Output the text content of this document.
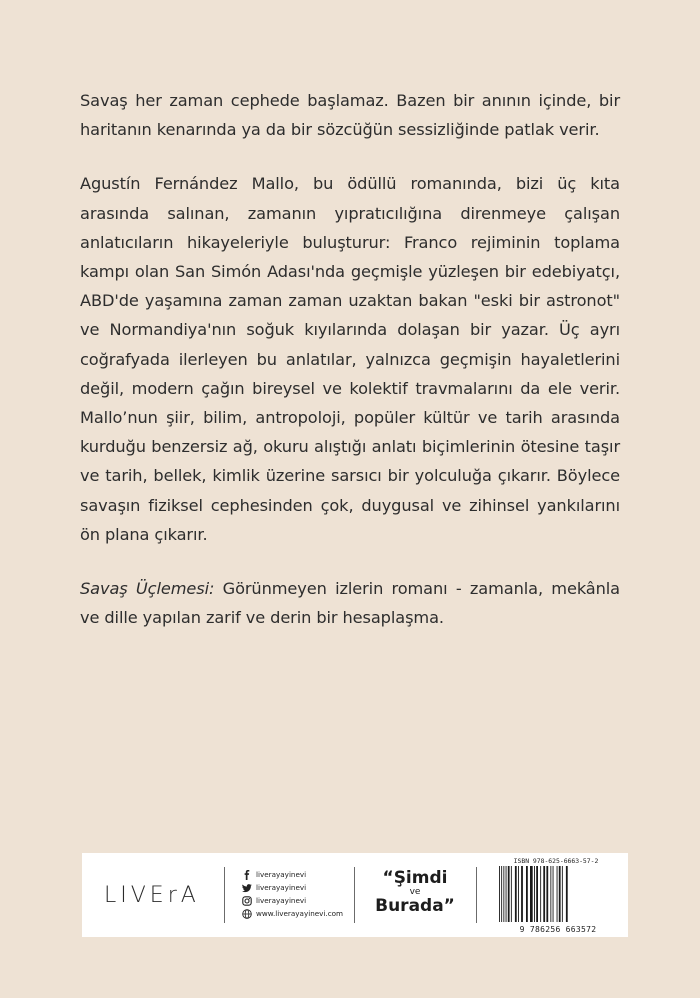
Savaş her zaman cephede başlamaz. Bazen bir anının içinde, bir haritanın kenarında ya da bir sözcüğün sessizliğinde patlak verir.

Agustín Fernández Mallo, bu ödüllü romanında, bizi üç kıta arasında salınan, zamanın yıpratıcılığına direnmeye çalışan anlatıcıların hikayeleriyle buluşturur: Franco rejiminin toplama kampı olan San Simón Adası'nda geçmişle yüzleşen bir edebiyatçı, ABD'de yaşamına zaman zaman uzaktan bakan "eski bir astronot" ve Normandiya'nın soğuk kıyılarında dolaşan bir yazar. Üç ayrı coğrafyada ilerleyen bu anlatılar, yalnızca geçmişin hayaletlerini değil, modern çağın bireysel ve kolektif travmalarını da ele verir. Mallo’nun şiir, bilim, antropoloji, popüler kültür ve tarih arasında kurduğu benzersiz ağ, okuru alıştığı anlatı biçimlerinin ötesine taşır ve tarih, bellek, kimlik üzerine sarsıcı bir yolculuğa çıkarır. Böylece savaşın fiziksel cephesinden çok, duygusal ve zihinsel yankılarını ön plana çıkarır.

Savaş Üçlemesi: Görünmeyen izlerin romanı - zamanla, mekânla ve dille yapılan zarif ve derin bir hesaplaşma.

LIVErA
liverayayinevi
liverayayinevi
liverayayinevi
www.liverayayinevi.com
“Şimdi
ve
Burada”
ISBN 978-625-6663-57-2
9 786256 663572
